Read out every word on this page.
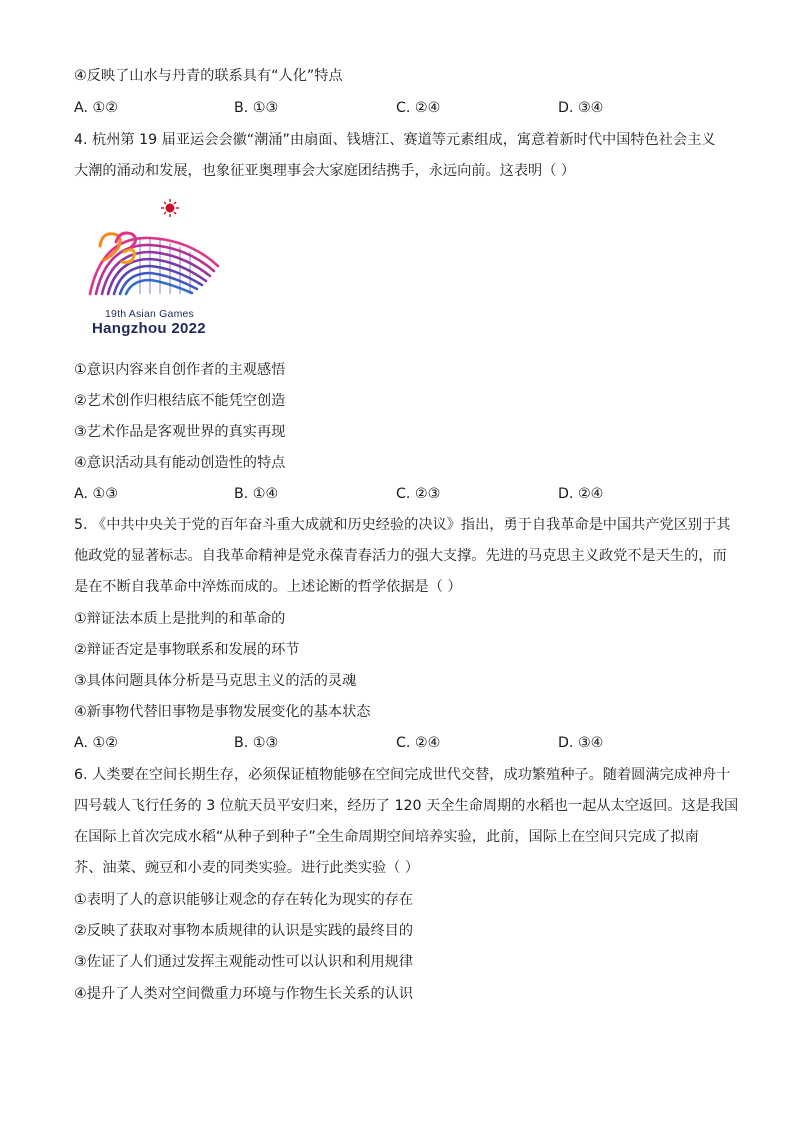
④反映了山水与丹青的联系具有“人化”特点
A. ①②	B. ①③	C. ②④	D. ③④
4. 杭州第 19 届亚运会会徽“潮涌”由扇面、钱塘江、赛道等元素组成，寓意着新时代中国特色社会主义
大潮的涌动和发展，也象征亚奥理事会大家庭团结携手，永远向前。这表明（ ）
19th Asian Games
Hangzhou 2022
①意识内容来自创作者的主观感悟
②艺术创作归根结底不能凭空创造
③艺术作品是客观世界的真实再现
④意识活动具有能动创造性的特点
A. ①③	B. ①④	C. ②③	D. ②④
5. 《中共中央关于党的百年奋斗重大成就和历史经验的决议》指出，勇于自我革命是中国共产党区别于其
他政党的显著标志。自我革命精神是党永葆青春活力的强大支撑。先进的马克思主义政党不是天生的，而
是在不断自我革命中淬炼而成的。上述论断的哲学依据是（ ）
①辩证法本质上是批判的和革命的
②辩证否定是事物联系和发展的环节
③具体问题具体分析是马克思主义的活的灵魂
④新事物代替旧事物是事物发展变化的基本状态
A. ①②	B. ①③	C. ②④	D. ③④
6. 人类要在空间长期生存，必须保证植物能够在空间完成世代交替，成功繁殖种子。随着圆满完成神舟十
四号载人飞行任务的 3 位航天员平安归来，经历了 120 天全生命周期的水稻也一起从太空返回。这是我国
在国际上首次完成水稻“从种子到种子”全生命周期空间培养实验，此前，国际上在空间只完成了拟南
芥、油菜、豌豆和小麦的同类实验。进行此类实验（ ）
①表明了人的意识能够让观念的存在转化为现实的存在
②反映了获取对事物本质规律的认识是实践的最终目的
③佐证了人们通过发挥主观能动性可以认识和利用规律
④提升了人类对空间微重力环境与作物生长关系的认识
